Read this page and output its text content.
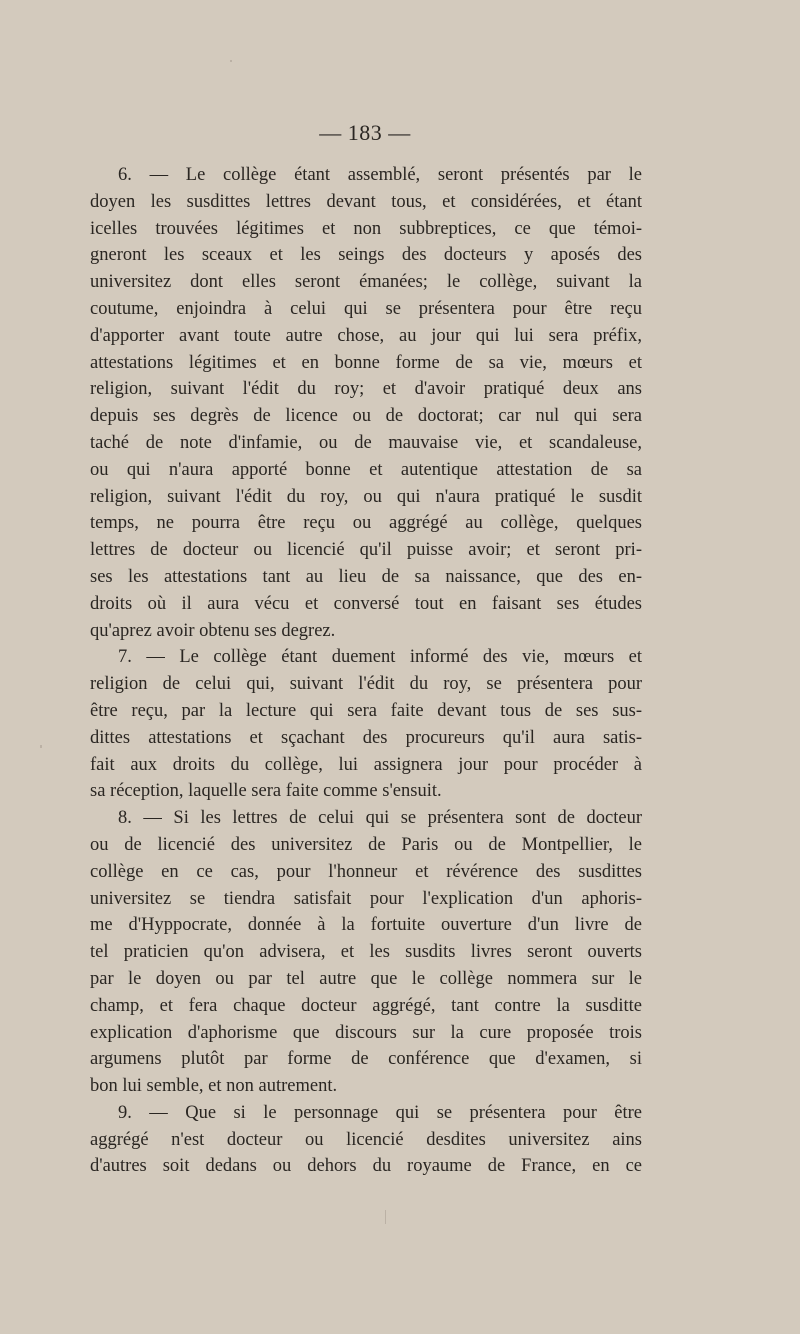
— 183 —
6. — Le collège étant assemblé, seront présentés par le
doyen les susdittes lettres devant tous, et considérées, et étant
icelles trouvées légitimes et non subbreptices, ce que témoi-
gneront les sceaux et les seings des docteurs y aposés des
universitez dont elles seront émanées; le collège, suivant la
coutume, enjoindra à celui qui se présentera pour être reçu
d'apporter avant toute autre chose, au jour qui lui sera préfix,
attestations légitimes et en bonne forme de sa vie, mœurs et
religion, suivant l'édit du roy; et d'avoir pratiqué deux ans
depuis ses degrès de licence ou de doctorat; car nul qui sera
taché de note d'infamie, ou de mauvaise vie, et scandaleuse,
ou qui n'aura apporté bonne et autentique attestation de sa
religion, suivant l'édit du roy, ou qui n'aura pratiqué le susdit
temps, ne pourra être reçu ou aggrégé au collège, quelques
lettres de docteur ou licencié qu'il puisse avoir; et seront pri-
ses les attestations tant au lieu de sa naissance, que des en-
droits où il aura vécu et conversé tout en faisant ses études
qu'aprez avoir obtenu ses degrez.
7. — Le collège étant duement informé des vie, mœurs et
religion de celui qui, suivant l'édit du roy, se présentera pour
être reçu, par la lecture qui sera faite devant tous de ses sus-
dittes attestations et sçachant des procureurs qu'il aura satis-
fait aux droits du collège, lui assignera jour pour procéder à
sa réception, laquelle sera faite comme s'ensuit.
8. — Si les lettres de celui qui se présentera sont de docteur
ou de licencié des universitez de Paris ou de Montpellier, le
collège en ce cas, pour l'honneur et révérence des susdittes
universitez se tiendra satisfait pour l'explication d'un aphoris-
me d'Hyppocrate, donnée à la fortuite ouverture d'un livre de
tel praticien qu'on advisera, et les susdits livres seront ouverts
par le doyen ou par tel autre que le collège nommera sur le
champ, et fera chaque docteur aggrégé, tant contre la susditte
explication d'aphorisme que discours sur la cure proposée trois
argumens plutôt par forme de conférence que d'examen, si
bon lui semble, et non autrement.
9. — Que si le personnage qui se présentera pour être
aggrégé n'est docteur ou licencié desdites universitez ains
d'autres soit dedans ou dehors du royaume de France, en ce
